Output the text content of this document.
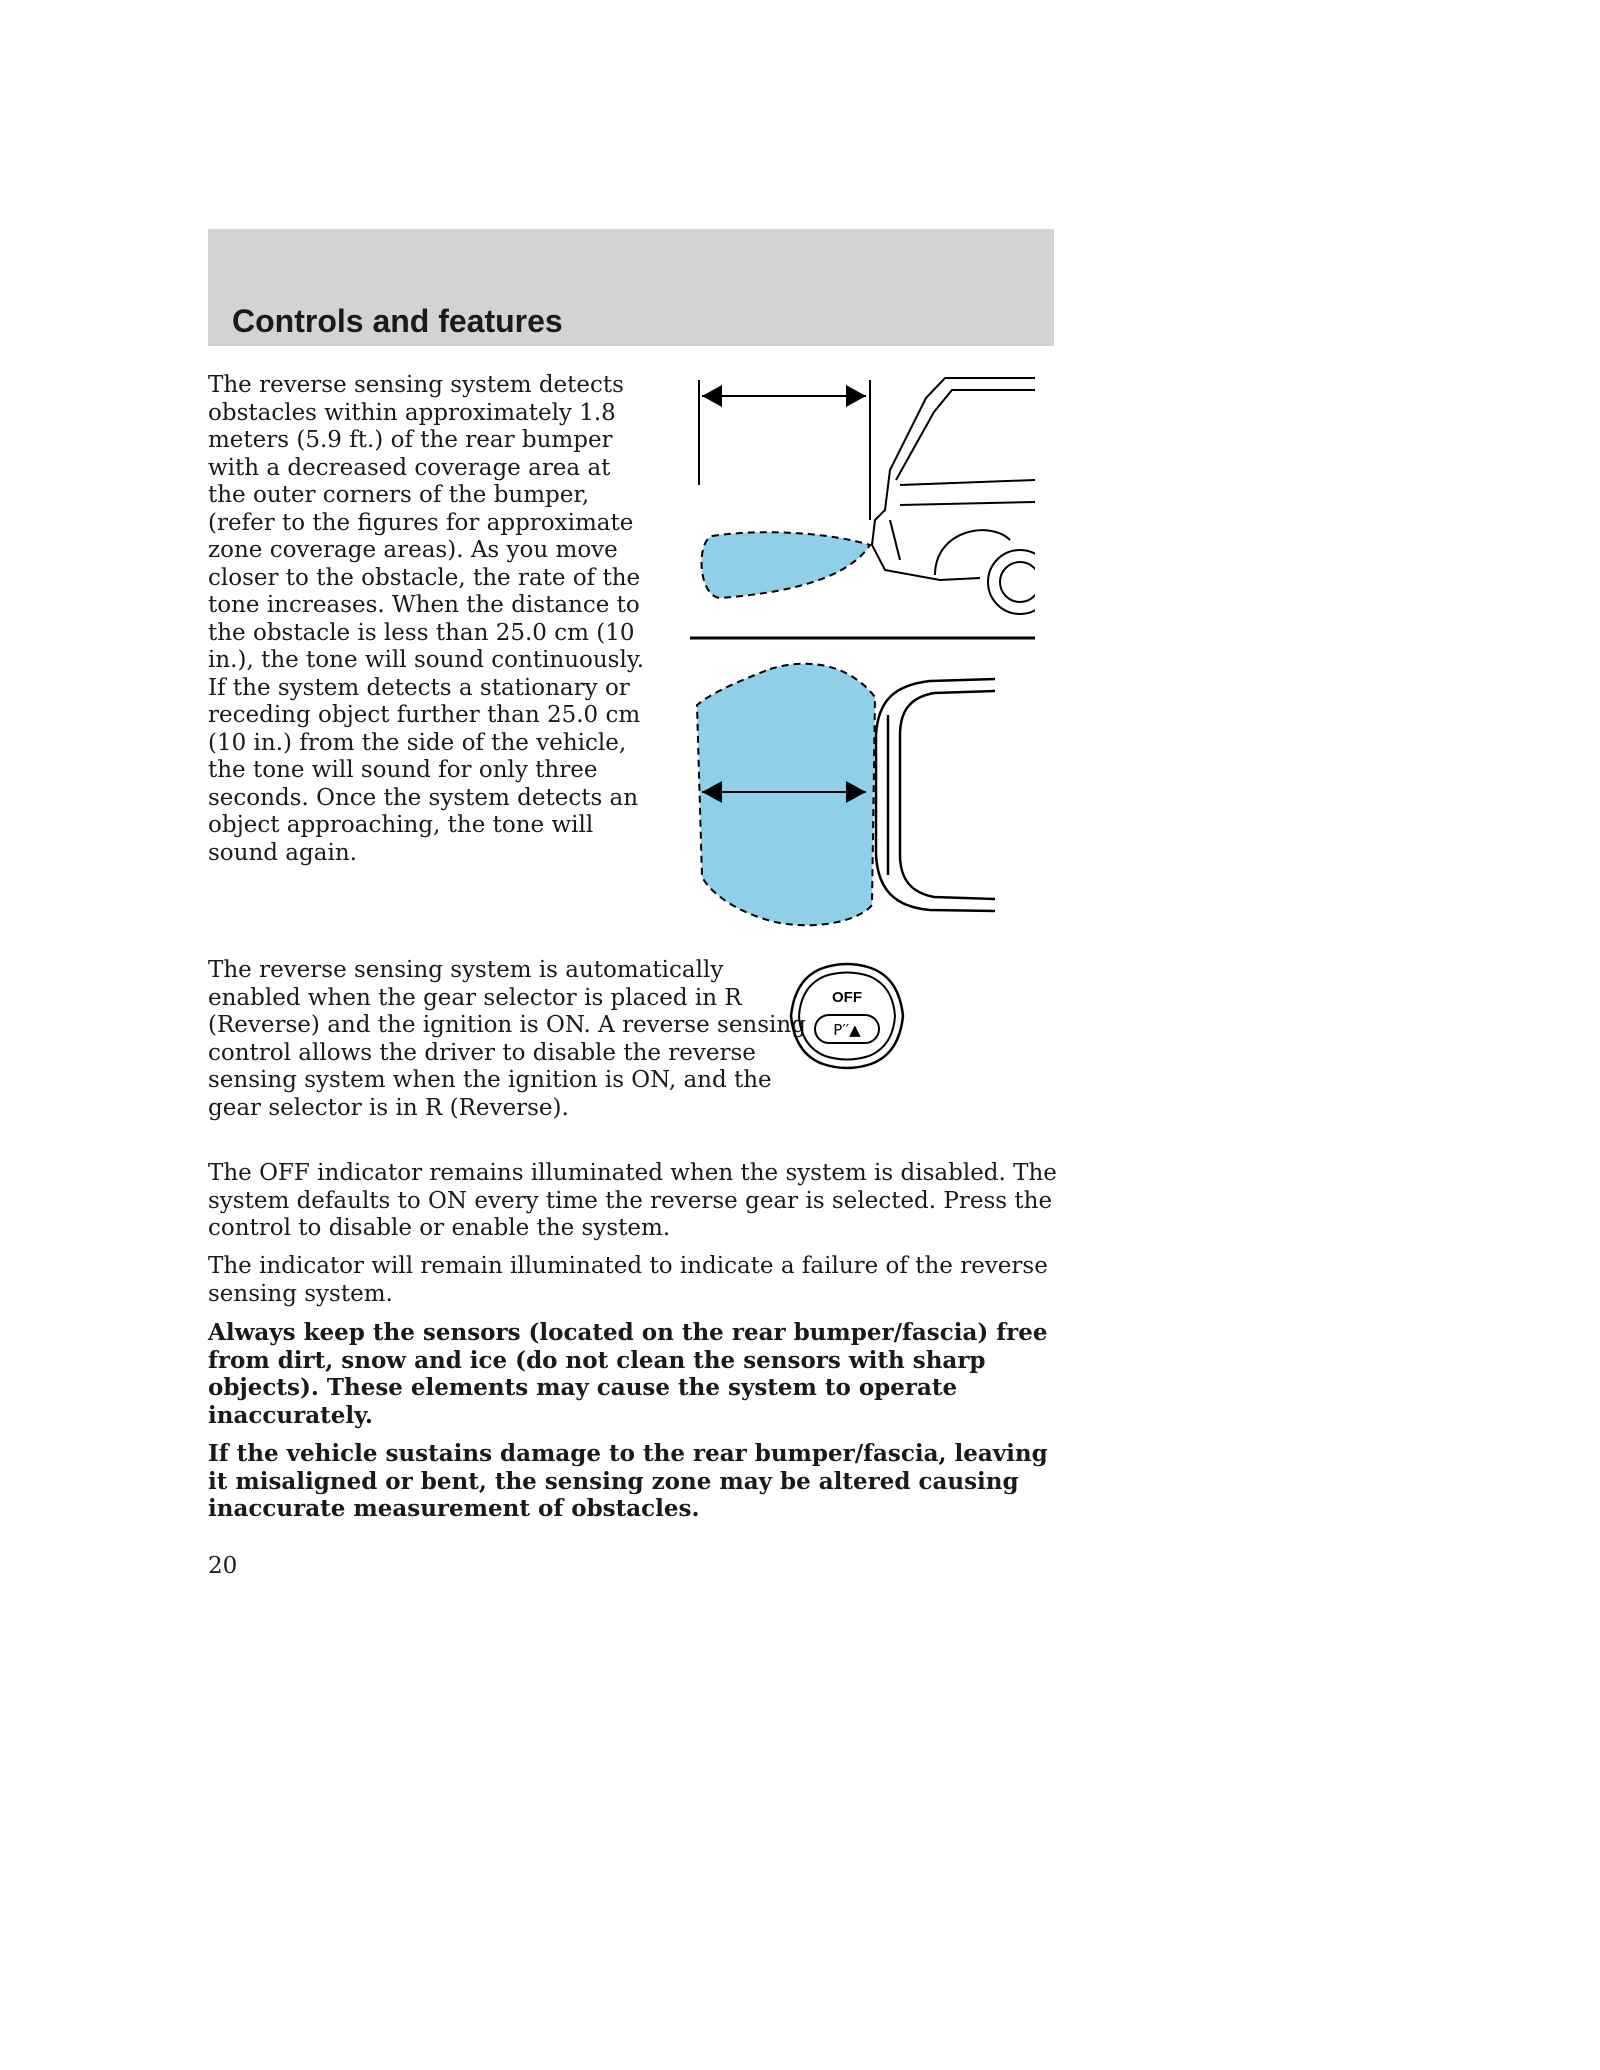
Controls and features

The reverse sensing system detects obstacles within approximately 1.8 meters (5.9 ft.) of the rear bumper with a decreased coverage area at the outer corners of the bumper, (refer to the figures for approximate zone coverage areas). As you move closer to the obstacle, the rate of the tone increases. When the distance to the obstacle is less than 25.0 cm (10 in.), the tone will sound continuously. If the system detects a stationary or receding object further than 25.0 cm (10 in.) from the side of the vehicle, the tone will sound for only three seconds. Once the system detects an object approaching, the tone will sound again.

The reverse sensing system is automatically enabled when the gear selector is placed in R (Reverse) and the ignition is ON. A reverse sensing control allows the driver to disable the reverse sensing system when the ignition is ON, and the gear selector is in R (Reverse).

OFF
P′′▲

The OFF indicator remains illuminated when the system is disabled. The system defaults to ON every time the reverse gear is selected. Press the control to disable or enable the system.

The indicator will remain illuminated to indicate a failure of the reverse sensing system.

Always keep the sensors (located on the rear bumper/fascia) free from dirt, snow and ice (do not clean the sensors with sharp objects). These elements may cause the system to operate inaccurately.

If the vehicle sustains damage to the rear bumper/fascia, leaving it misaligned or bent, the sensing zone may be altered causing inaccurate measurement of obstacles.

20
